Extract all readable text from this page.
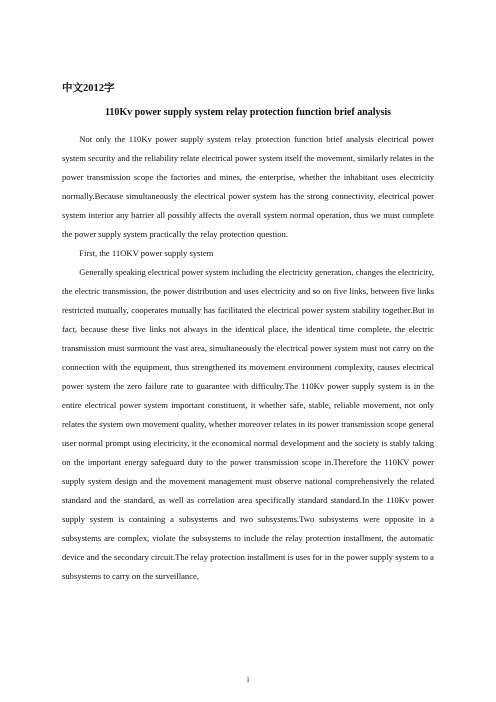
中文2012字
110Kv power supply system relay protection function brief analysis

Not only the 110Kv power supply system relay protection function brief analysis electrical power system security and the reliability relate electrical power system itself the movement, similarly relates in the power transmission scope the factories and mines, the enterprise, whether the inhabitant uses electricity normally.Because simultaneously the electrical power system has the strong connectivity, electrical power system interior any barrier all possibly affects the overall system normal operation, thus we must complete the power supply system practically the relay protection question.

First, the 11OKV power supply system

Generally speaking electrical power system including the electricity generation, changes the electricity, the electric transmission, the power distribution and uses electricity and so on five links, between five links restricted mutually, cooperates mutually has facilitated the electrical power system stability together.But in fact, because these five links not always in the identical place, the identical time complete, the electric transmission must surmount the vast area, simultaneously the electrical power system must not carry on the connection with the equipment, thus strengthened its movement environment complexity, causes electrical power system the zero failure rate to guarantee with difficulty.The 110Kv power supply system is in the entire electrical power system important constituent, it whether safe, stable, reliable movement, not only relates the system own movement quality, whether moreover relates in its power transmission scope general user normal prompt using electricity, it the economical normal development and the society is stably taking on the important energy safeguard duty to the power transmission scope in.Therefore the 110KV power supply system design and the movement management must observe national comprehensively the related standard and the standard, as well as correlation area specifically standard standard.In the 110Kv power supply system is containing a subsystems and two subsystems.Two subsystems were opposite in a subsystems are complex, violate the subsystems to include the relay protection installment, the automatic device and the secondary circuit.The relay protection installment is uses for in the power supply system to a subsystems to carry on the surveillance,

1
